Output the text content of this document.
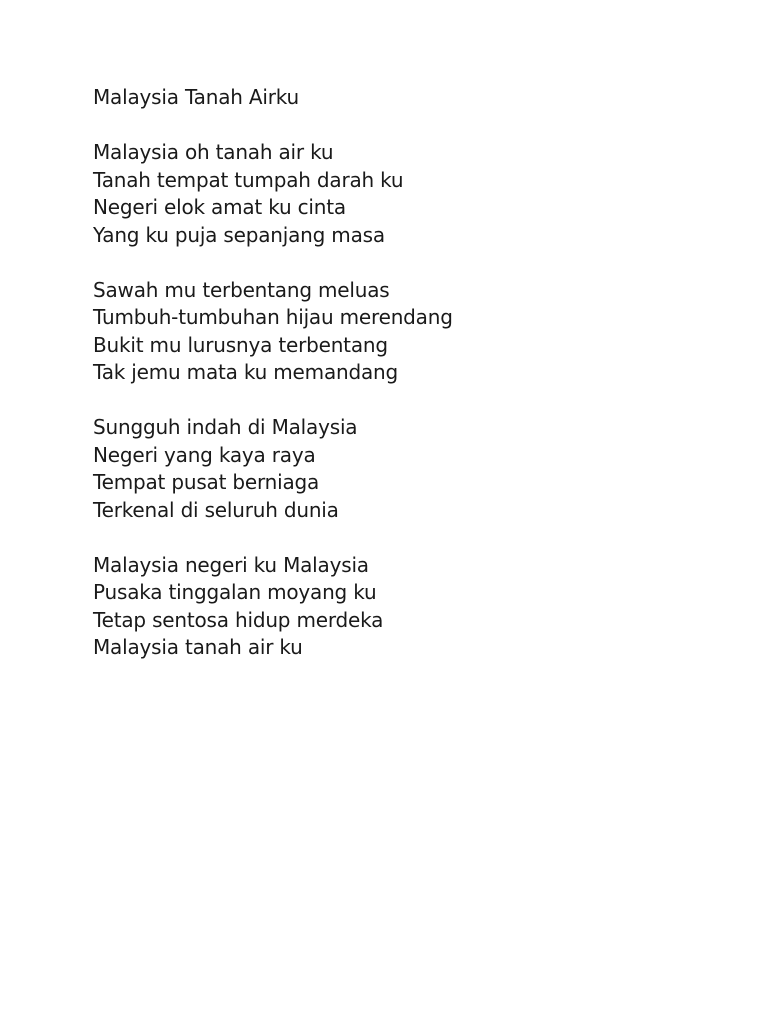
Malaysia Tanah Airku
Malaysia oh tanah air ku
Tanah tempat tumpah darah ku
Negeri elok amat ku cinta
Yang ku puja sepanjang masa
Sawah mu terbentang meluas
Tumbuh-tumbuhan hijau merendang
Bukit mu lurusnya terbentang
Tak jemu mata ku memandang
Sungguh indah di Malaysia
Negeri yang kaya raya
Tempat pusat berniaga
Terkenal di seluruh dunia
Malaysia negeri ku Malaysia
Pusaka tinggalan moyang ku
Tetap sentosa hidup merdeka
Malaysia tanah air ku
